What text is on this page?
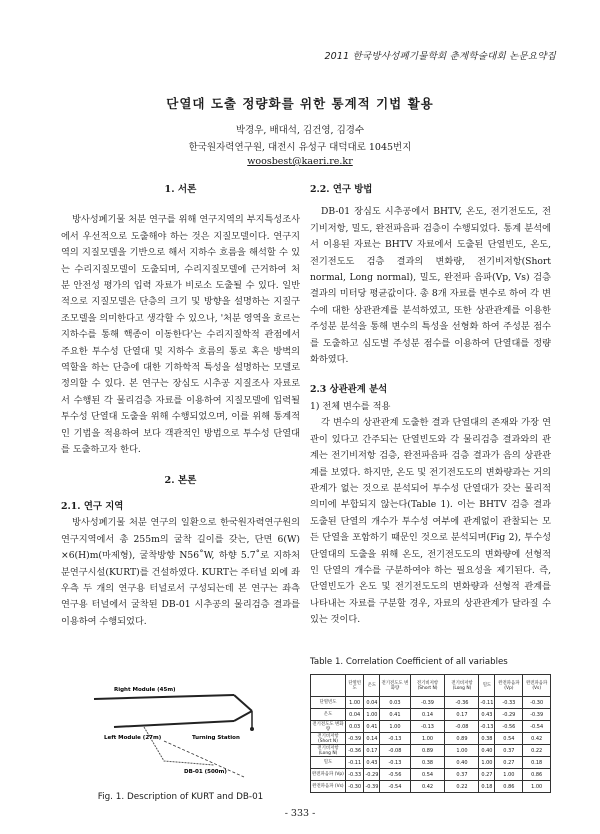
2011 한국방사성폐기물학회 춘계학술대회 논문요약집
단열대 도출 정량화를 위한 통계적 기법 활용
박경우, 배대석, 김건영, 김경수
한국원자력연구원, 대전시 유성구 대덕대로 1045번지
woosbest@kaeri.re.kr
1. 서론

방사성폐기물 처분 연구를 위해 연구지역의 부지특성조사에서 우선적으로 도출해야 하는 것은 지질모델이다. 연구지역의 지질모델을 기반으로 해서 지하수 흐름을 해석할 수 있는 수리지질모델이 도출되며, 수리지질모델에 근거하여 처분 안전성 평가의 입력 자료가 비로소 도출될 수 있다. 일반적으로 지질모델은 단층의 크기 및 방향을 설명하는 지질구조모델을 의미한다고 생각할 수 있으나, '처분 영역을 흐르는 지하수를 통해 핵종이 이동한다'는 수리지질학적 관점에서 주요한 투수성 단열대 및 지하수 흐름의 통로 혹은 방벽의 역할을 하는 단층에 대한 기하학적 특성을 설명하는 모델로 정의할 수 있다. 본 연구는 장심도 시추공 지질조사 자료로서 수행된 각 물리검층 자료를 이용하여 지질모델에 입력될 투수성 단열대 도출을 위해 수행되었으며, 이를 위해 통계적인 기법을 적용하여 보다 객관적인 방법으로 투수성 단열대를 도출하고자 한다.

2. 본론
2.1. 연구 지역

방사성폐기물 처분 연구의 일환으로 한국원자력연구원의 연구지역에서 총 255m의 굴착 길이를 갖는, 단면 6(W) ×6(H)m(마제형), 굴착방향 N56˚W, 하향 5.7˚로 지하처분연구시설(KURT)를 건설하였다. KURT는 주터널 외에 좌우측 두 개의 연구용 터널로서 구성되는데 본 연구는 좌측 연구용 터널에서 굴착된 DB-01 시추공의 물리검층 결과를 이용하여 수행되었다.

Right Module (45m)
Left Module (27m)	Turning Station
DB-01 (500m)
Fig. 1. Description of KURT and DB-01
2.2. 연구 방법

DB-01 장심도 시추공에서 BHTV, 온도, 전기전도도, 전기비저항, 밀도, 완전파음파 검층이 수행되었다. 통계 분석에서 이용된 자료는 BHTV 자료에서 도출된 단열빈도, 온도, 전기전도도 검층 결과의 변화량, 전기비저항(Short normal, Long normal), 밀도, 완전파 음파(Vp, Vs) 검층 결과의 미터당 평균값이다. 총 8개 자료를 변수로 하여 각 변수에 대한 상관관계를 분석하였고, 또한 상관관계를 이용한 주성분 분석을 통해 변수의 특성을 선형화 하여 주성분 점수를 도출하고 심도별 주성분 점수를 이용하여 단열대를 정량화하였다.

2.3 상관관계 분석
1) 전체 변수를 적용

각 변수의 상관관계 도출한 결과 단열대의 존재와 가장 연관이 있다고 간주되는 단열빈도와 각 물리검층 결과와의 관계는 전기비저항 검층, 완전파음파 검층 결과가 음의 상관관계를 보였다. 하지만, 온도 및 전기전도도의 변화량과는 거의 관계가 없는 것으로 분석되어 투수성 단열대가 갖는 물리적 의미에 부합되지 않는다(Table 1). 이는 BHTV 검층 결과 도출된 단열의 개수가 투수성 여부에 관계없이 관찰되는 모든 단열을 포함하기 때문인 것으로 분석되며(Fig 2), 투수성 단열대의 도출을 위해 온도, 전기전도도의 변화량에 선형적인 단열의 개수를 구분하여야 하는 필요성을 제기된다. 즉, 단열빈도가 온도 및 전기전도도의 변화량과 선형적 관계를 나타내는 자료를 구분할 경우, 자료의 상관관계가 달라질 수 있는 것이다.

Table 1. Correlation Coefficient of all variables
	단열빈도	온도	전기전도도 변화량	전기비저항 (Short N)	전기비저항 (Long N)	밀도	완전파음파 (Vp)	완전파음파 (Vs)
단열빈도	1.00	0.04	0.03	-0.39	-0.36	-0.11	-0.33	-0.30
온도	0.04	1.00	0.41	0.14	0.17	0.43	-0.29	-0.39
전기전도도 변화량	0.03	0.41	1.00	-0.13	-0.08	-0.13	-0.56	-0.54
전기비저항 (Short N)	-0.39	0.14	-0.13	1.00	0.89	0.38	0.54	0.42
전기비저항 (Long N)	-0.36	0.17	-0.08	0.89	1.00	0.40	0.37	0.22
밀도	-0.11	0.43	-0.13	0.38	0.40	1.00	0.27	0.18
완전파음파 (Vp)	-0.33	-0.29	-0.56	0.54	0.37	0.27	1.00	0.86
완전파음파 (Vs)	-0.30	-0.39	-0.54	0.42	0.22	0.18	0.86	1.00
- 333 -
